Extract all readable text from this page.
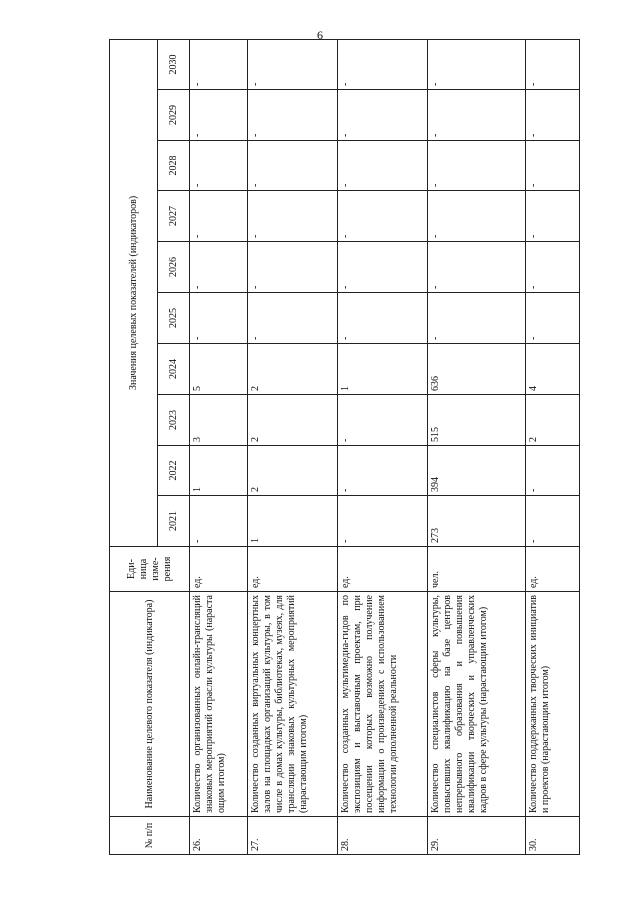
6
№ п/п	Наименование целевого показателя (индикатора)	Еди-ница изме-рения	Значения целевых показателей (индикаторов)									
			2021	2022	2023	2024	2025	2026	2027	2028	2029	2030
26.	Количество организованных онлайн-трансляций знаковых мероприятий отрасли культуры (нараста ощим итогом)	ед.	-	1	3	5	-	-	-	-	-	-
27.	Количество созданных виртуальных концертных залов на площадках организаций культуры, в том числе в домах культуры, библиотеках, музеях, для трансляции знаковых культурных мероприятий (нарастающим итогом)	ед.	1	2	2	2	-	-	-	-	-	-
28.	Количество созданных мультимедиа-гидов по экспозициям и выставочным проектам, при посещении которых возможно получение информации о произведениях с использованием технологии дополненной реальности	ед.	-	-	-	1	-	-	-	-	-	-
29.	Количество специалистов сферы культуры, повысивших квалификацию на базе центров непрерывного образования и повышения квалификации творческих и управленческих кадров в сфере культуры (нарастающим итогом)	чел.	273	394	515	636	-	-	-	-	-	-
30.	Количество поддержанных творческих инициатив и проектов (нарастающим итогом)	ед.	-	-	2	4	-	-	-	-	-	-
